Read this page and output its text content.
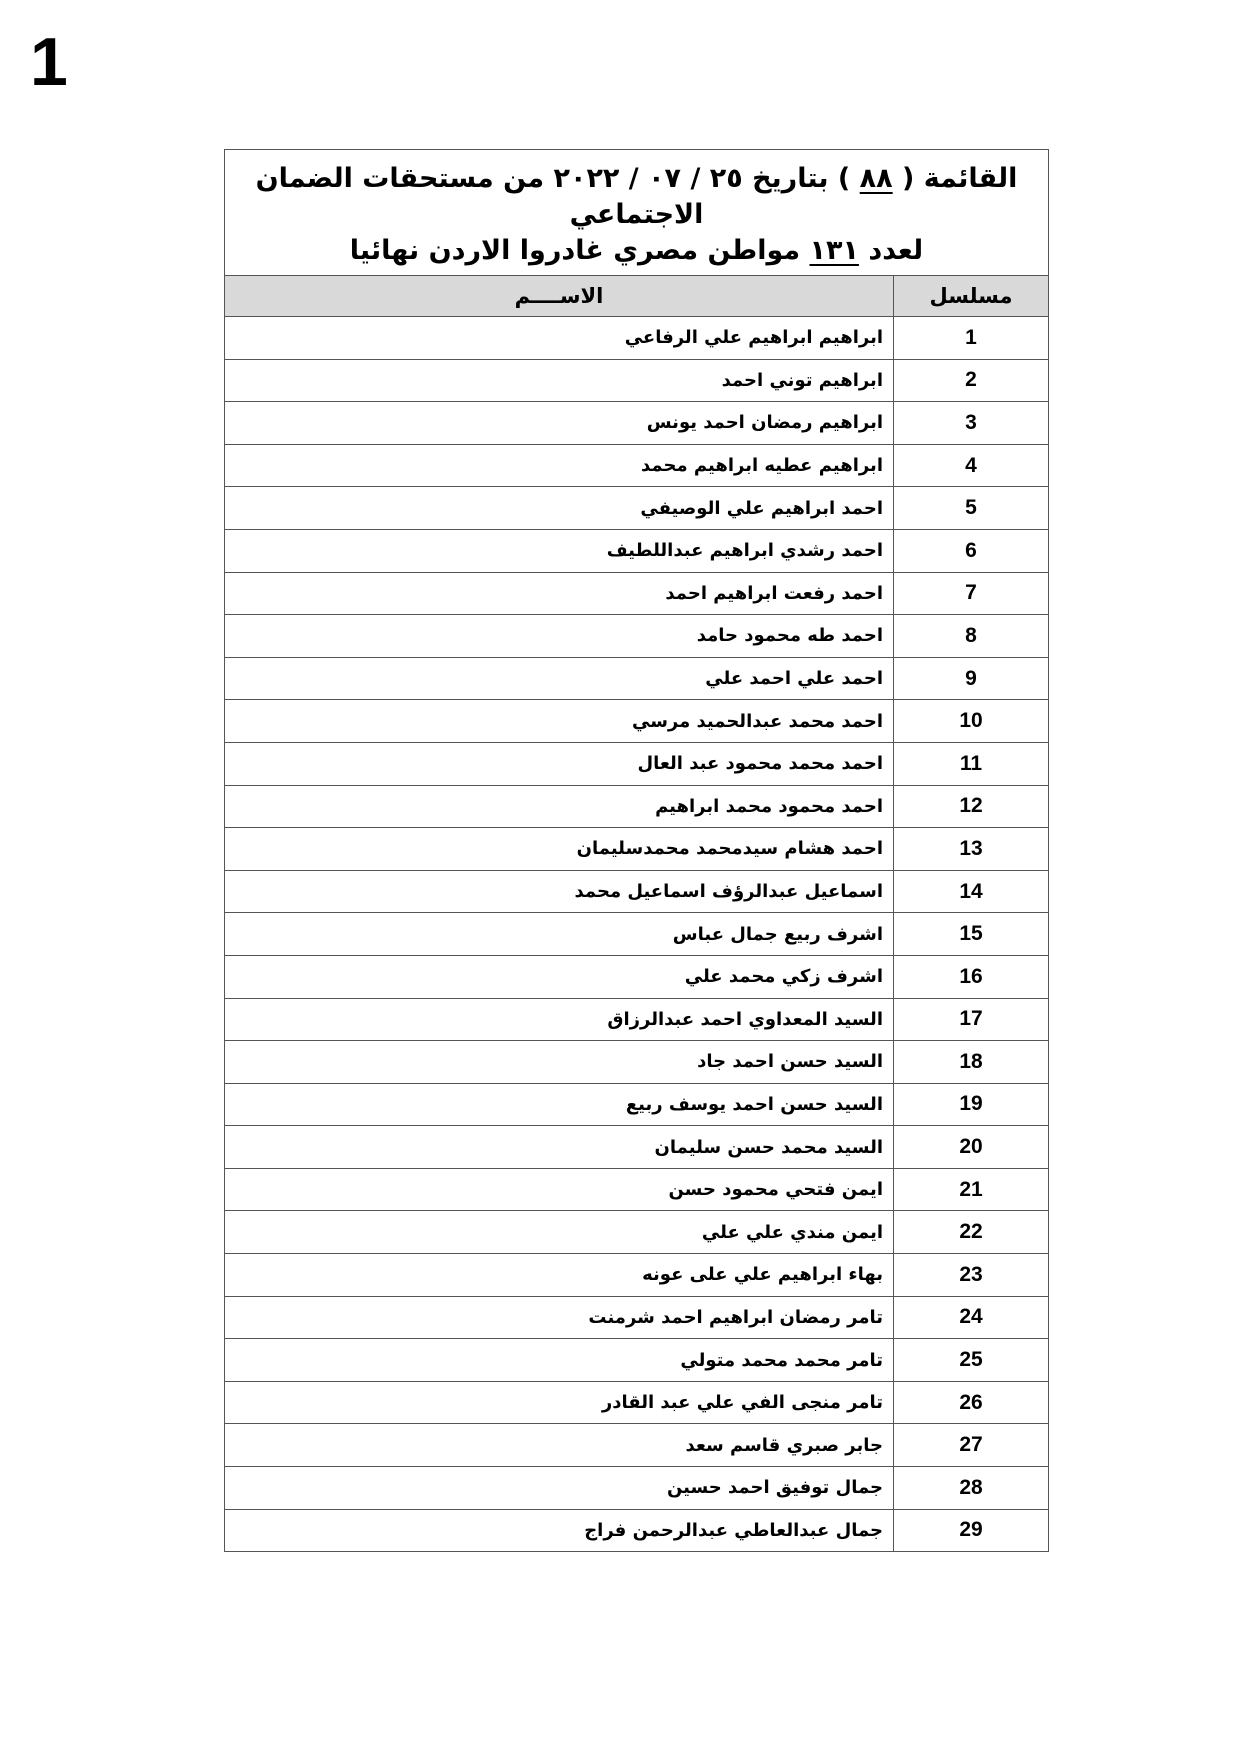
1
القائمة ( ٨٨ ) بتاريخ ٢٥ / ٠٧ / ٢٠٢٢ من مستحقات الضمان
الاجتماعي
لعدد ١٣١ مواطن مصري غادروا الاردن نهائيا	

مسلسل	الاســــم
1	ابراهيم ابراهيم علي الرفاعي
2	ابراهيم توني احمد
3	ابراهيم رمضان احمد يونس
4	ابراهيم عطيه ابراهيم محمد
5	احمد ابراهيم علي الوصيفي
6	احمد رشدي ابراهيم عبداللطيف
7	احمد رفعت ابراهيم احمد
8	احمد طه محمود حامد
9	احمد علي احمد علي
10	احمد محمد عبدالحميد مرسي
11	احمد محمد محمود عبد العال
12	احمد محمود محمد ابراهيم
13	احمد هشام سيدمحمد محمدسليمان
14	اسماعيل عبدالرؤف اسماعيل محمد
15	اشرف ربيع جمال عباس
16	اشرف زكي محمد علي
17	السيد المعداوي احمد عبدالرزاق
18	السيد حسن احمد جاد
19	السيد حسن احمد يوسف ربيع
20	السيد محمد حسن سليمان
21	ايمن فتحي محمود حسن
22	ايمن مندي علي علي
23	بهاء ابراهيم علي على عونه
24	تامر رمضان ابراهيم احمد شرمنت
25	تامر محمد محمد متولي
26	تامر منجى الفي علي عبد القادر
27	جابر صبري قاسم سعد
28	جمال توفيق احمد حسين
29	جمال عبدالعاطي عبدالرحمن فراج
